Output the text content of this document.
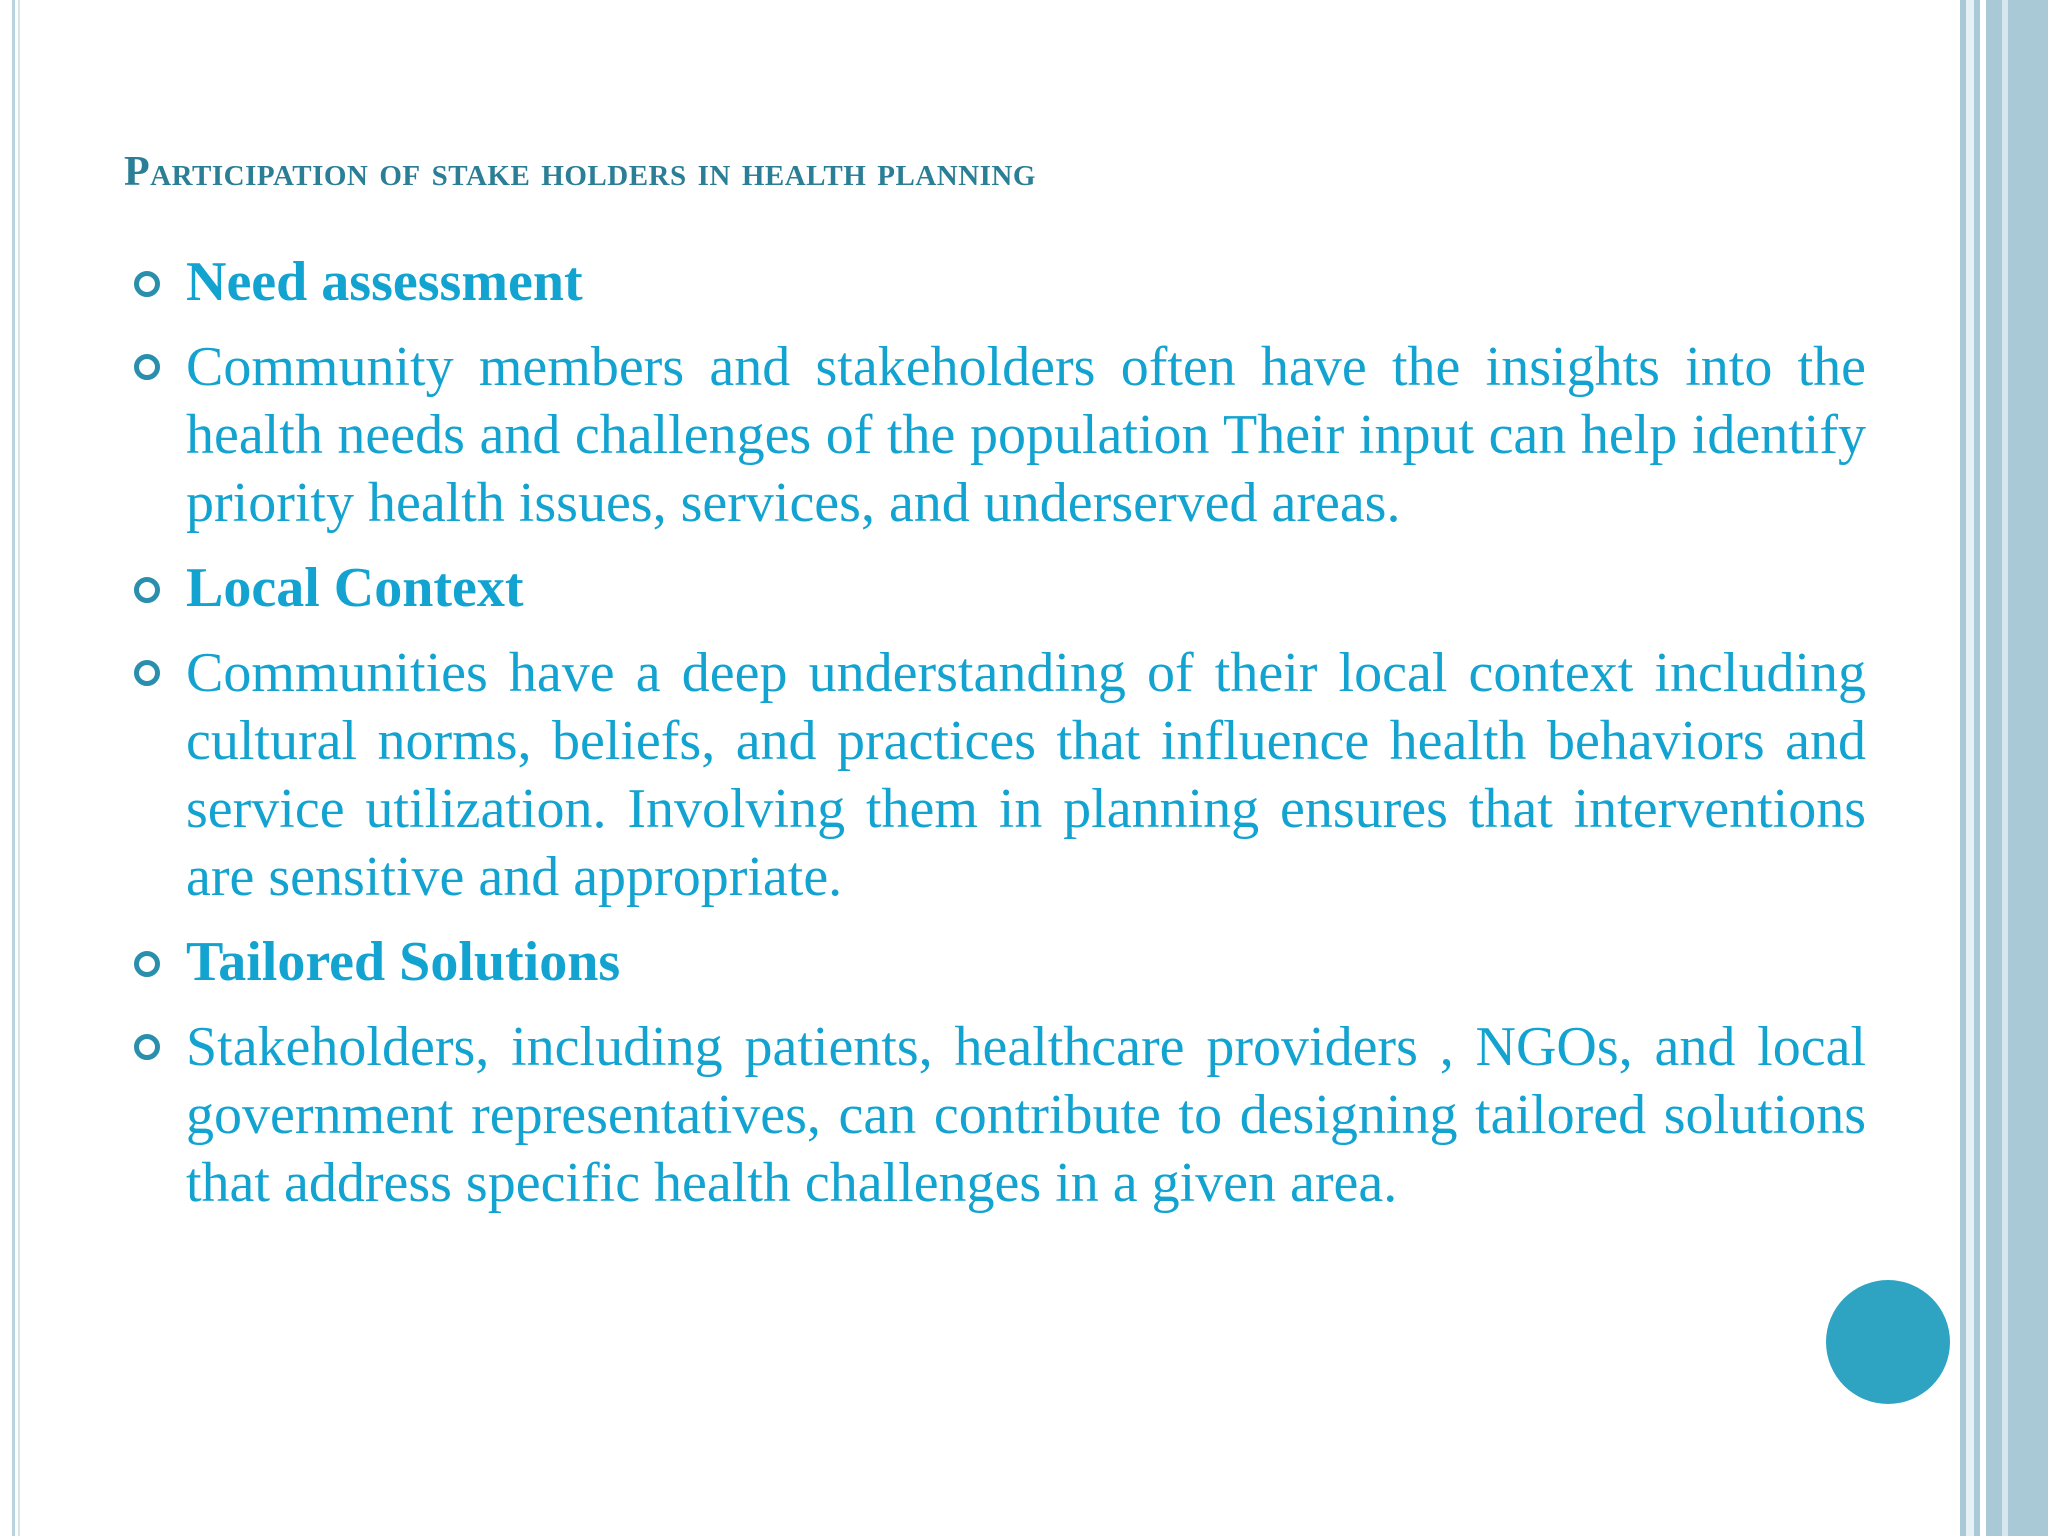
Participation of stake holders in health planning
Need assessment
Community members and stakeholders often have the insights into the health needs and challenges of the population Their input can help identify priority health issues, services, and underserved areas.
Local Context
Communities have a deep understanding of their local context including cultural norms, beliefs, and practices that influence health behaviors and service utilization. Involving them in planning ensures that interventions are sensitive and appropriate.
Tailored Solutions
Stakeholders, including patients, healthcare providers , NGOs, and local government representatives, can contribute to designing tailored solutions that address specific health challenges in a given area.
